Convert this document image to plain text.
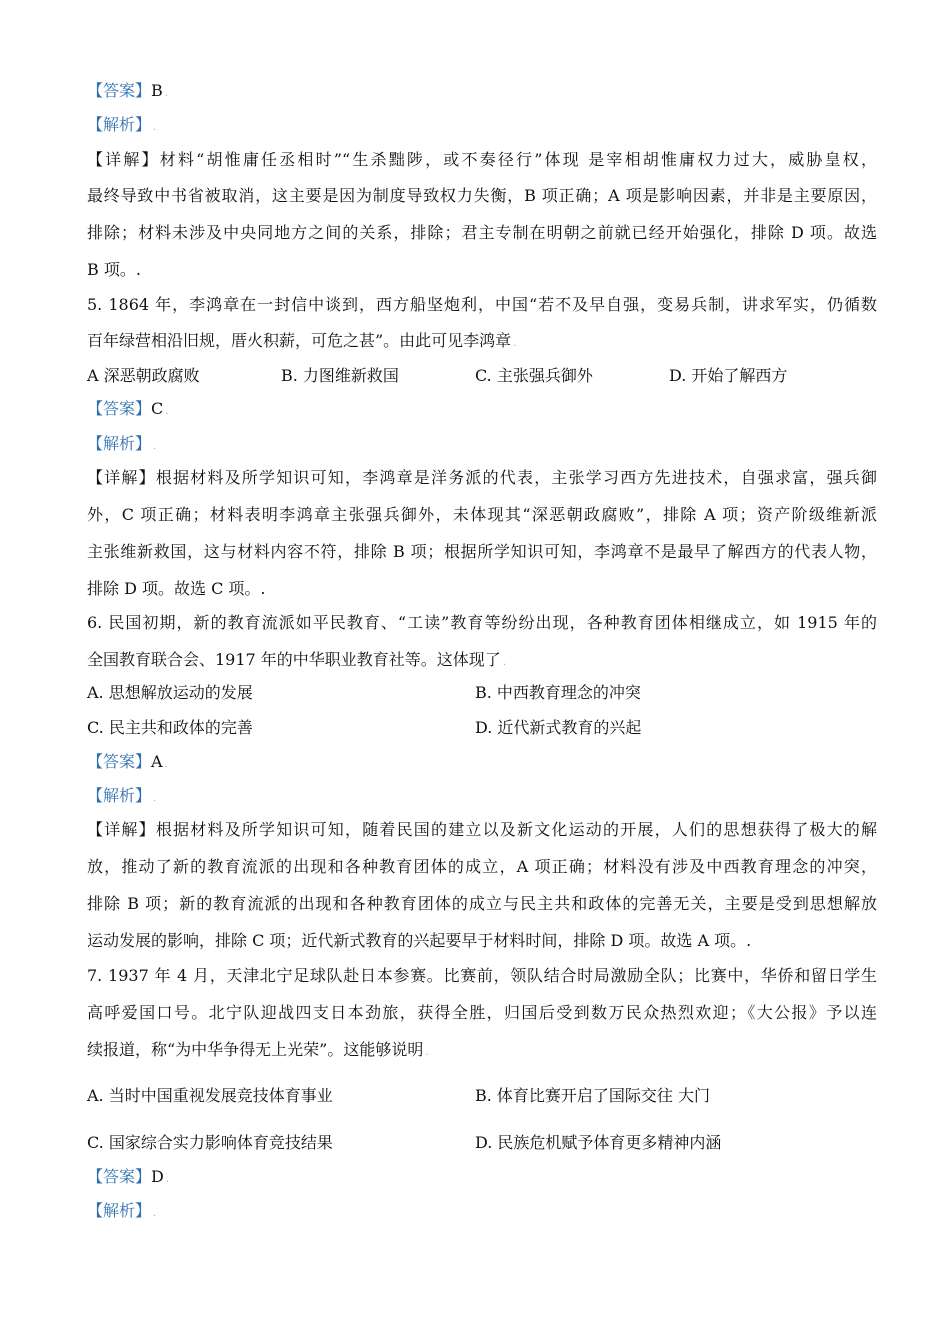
【答案】B .
【解析】 .
【详解】材料“胡惟庸任丞相时”“生杀黜陟，或不奏径行”体现 是宰相胡惟庸权力过大，威胁皇权，
最终导致中书省被取消，这主要是因为制度导致权力失衡，B 项正确；A 项是影响因素，并非是主要原因，
排除；材料未涉及中央同地方之间的关系，排除；君主专制在明朝之前就已经开始强化，排除 D 项。故选
B 项。.
5. 1864 年，李鸿章在一封信中谈到，西方船坚炮利，中国“若不及早自强，变易兵制，讲求军实，仍循数
百年绿营相沿旧规，厝火积薪，可危之甚”。由此可见李鸿章 .
A 深恶朝政腐败	B. 力图维新救国	C. 主张强兵御外	D. 开始了解西方
【答案】C .
【解析】 .
【详解】根据材料及所学知识可知，李鸿章是洋务派的代表，主张学习西方先进技术，自强求富，强兵御
外，C 项正确；材料表明李鸿章主张强兵御外，未体现其“深恶朝政腐败”，排除 A 项；资产阶级维新派
主张维新救国，这与材料内容不符，排除 B 项；根据所学知识可知，李鸿章不是最早了解西方的代表人物，
排除 D 项。故选 C 项。.
6. 民国初期，新的教育流派如平民教育、“工读”教育等纷纷出现，各种教育团体相继成立，如 1915 年的
全国教育联合会、1917 年的中华职业教育社等。这体现了 .
A. 思想解放运动的发展	B. 中西教育理念的冲突
C. 民主共和政体的完善	D. 近代新式教育的兴起
【答案】A .
【解析】 .
【详解】根据材料及所学知识可知，随着民国的建立以及新文化运动的开展，人们的思想获得了极大的解
放，推动了新的教育流派的出现和各种教育团体的成立，A 项正确；材料没有涉及中西教育理念的冲突，
排除 B 项；新的教育流派的出现和各种教育团体的成立与民主共和政体的完善无关，主要是受到思想解放
运动发展的影响，排除 C 项；近代新式教育的兴起要早于材料时间，排除 D 项。故选 A 项。.
7. 1937 年 4 月，天津北宁足球队赴日本参赛。比赛前，领队结合时局激励全队；比赛中，华侨和留日学生
高呼爱国口号。北宁队迎战四支日本劲旅，获得全胜，归国后受到数万民众热烈欢迎；《大公报》予以连
续报道，称“为中华争得无上光荣”。这能够说明 .
A. 当时中国重视发展竞技体育事业	B. 体育比赛开启了国际交往 大门
C. 国家综合实力影响体育竞技结果	D. 民族危机赋予体育更多精神内涵
【答案】D .
【解析】 .
